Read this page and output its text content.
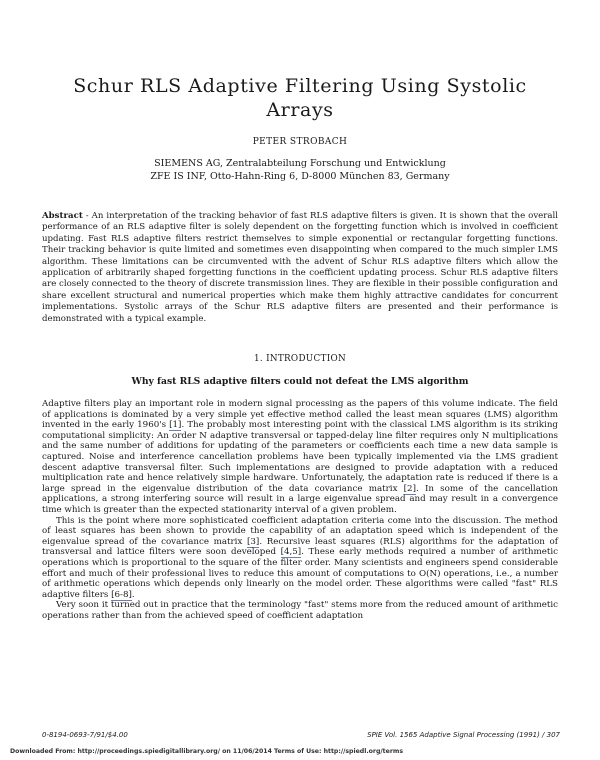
Schur RLS Adaptive Filtering Using Systolic Arrays
PETER STROBACH
SIEMENS AG, Zentralabteilung Forschung und Entwicklung
ZFE IS INF, Otto-Hahn-Ring 6, D-8000 München 83, Germany
Abstract - An interpretation of the tracking behavior of fast RLS adaptive filters is given. It is shown that the overall performance of an RLS adaptive filter is solely dependent on the forgetting function which is involved in coefficient updating. Fast RLS adaptive filters restrict themselves to simple exponential or rectangular forgetting functions. Their tracking behavior is quite limited and sometimes even disappointing when compared to the much simpler LMS algorithm. These limitations can be circumvented with the advent of Schur RLS adaptive filters which allow the application of arbitrarily shaped forgetting functions in the coefficient updating process. Schur RLS adaptive filters are closely connected to the theory of discrete transmission lines. They are flexible in their possible configuration and share excellent structural and numerical properties which make them highly attractive candidates for concurrent implementations. Systolic arrays of the Schur RLS adaptive filters are presented and their performance is demonstrated with a typical example.
1. INTRODUCTION
Why fast RLS adaptive filters could not defeat the LMS algorithm

Adaptive filters play an important role in modern signal processing as the papers of this volume indicate. The field of applications is dominated by a very simple yet effective method called the least mean squares (LMS) algorithm invented in the early 1960's [1]. The probably most interesting point with the classical LMS algorithm is its striking computational simplicity: An order N adaptive transversal or tapped-delay line filter requires only N multiplications and the same number of additions for updating of the parameters or coefficients each time a new data sample is captured. Noise and interference cancellation problems have been typically implemented via the LMS gradient descent adaptive transversal filter. Such implementations are designed to provide adaptation with a reduced multiplication rate and hence relatively simple hardware. Unfortunately, the adaptation rate is reduced if there is a large spread in the eigenvalue distribution of the data covariance matrix [2]. In some of the cancellation applications, a strong interfering source will result in a large eigenvalue spread and may result in a convergence time which is greater than the expected stationarity interval of a given problem.

This is the point where more sophisticated coefficient adaptation criteria come into the discussion. The method of least squares has been shown to provide the capability of an adaptation speed which is independent of the eigenvalue spread of the covariance matrix [3]. Recursive least squares (RLS) algorithms for the adaptation of transversal and lattice filters were soon developed [4,5]. These early methods required a number of arithmetic operations which is proportional to the square of the filter order. Many scientists and engineers spend considerable effort and much of their professional lives to reduce this amount of computations to O(N) operations, i.e., a number of arithmetic operations which depends only linearly on the model order. These algorithms were called "fast" RLS adaptive filters [6-8].

Very soon it turned out in practice that the terminology "fast" stems more from the reduced amount of arithmetic operations rather than from the achieved speed of coefficient adaptation

0-8194-0693-7/91/$4.00	SPIE Vol. 1565 Adaptive Signal Processing (1991) / 307
Downloaded From: http://proceedings.spiedigitallibrary.org/ on 11/06/2014 Terms of Use: http://spiedl.org/terms
